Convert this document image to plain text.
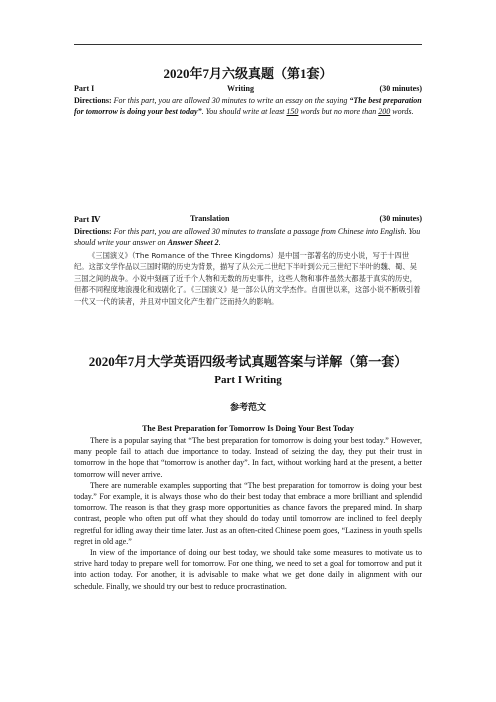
2020年7月六级真题（第1套）
Part I	Writing	(30 minutes)
Directions: For this part, you are allowed 30 minutes to write an essay on the saying “The best preparation for tomorrow is doing your best today”. You should write at least 150 words but no more than 200 words.
Part Ⅳ	Translation	(30 minutes)
Directions: For this part, you are allowed 30 minutes to translate a passage from Chinese into English. You should write your answer on Answer Sheet 2.
《三国演义》（The Romance of the Three Kingdoms）是中国一部著名的历史小说，写于十四世纪。这部文学作品以三国时期的历史为背景，描写了从公元二世纪下半叶到公元三世纪下半叶的魏、蜀、吴三国之间的战争。小说中刻画了近千个人物和无数的历史事件，这些人物和事件虽然大都基于真实的历史，但都不同程度地浪漫化和戏剧化了。《三国演义》是一部公认的文学杰作。自面世以来，这部小说不断吸引着一代又一代的读者，并且对中国文化产生着广泛而持久的影响。
2020年7月大学英语四级考试真题答案与详解（第一套）
Part I Writing
参考范文
The Best Preparation for Tomorrow Is Doing Your Best Today

There is a popular saying that “The best preparation for tomorrow is doing your best today.” However, many people fail to attach due importance to today. Instead of seizing the day, they put their trust in tomorrow in the hope that “tomorrow is another day”. In fact, without working hard at the present, a better tomorrow will never arrive.

There are numerable examples supporting that “The best preparation for tomorrow is doing your best today.” For example, it is always those who do their best today that embrace a more brilliant and splendid tomorrow. The reason is that they grasp more opportunities as chance favors the prepared mind. In sharp contrast, people who often put off what they should do today until tomorrow are inclined to feel deeply regretful for idling away their time later. Just as an often-cited Chinese poem goes, “Laziness in youth spells regret in old age.”

In view of the importance of doing our best today, we should take some measures to motivate us to strive hard today to prepare well for tomorrow. For one thing, we need to set a goal for tomorrow and put it into action today. For another, it is advisable to make what we get done daily in alignment with our schedule. Finally, we should try our best to reduce procrastination.
